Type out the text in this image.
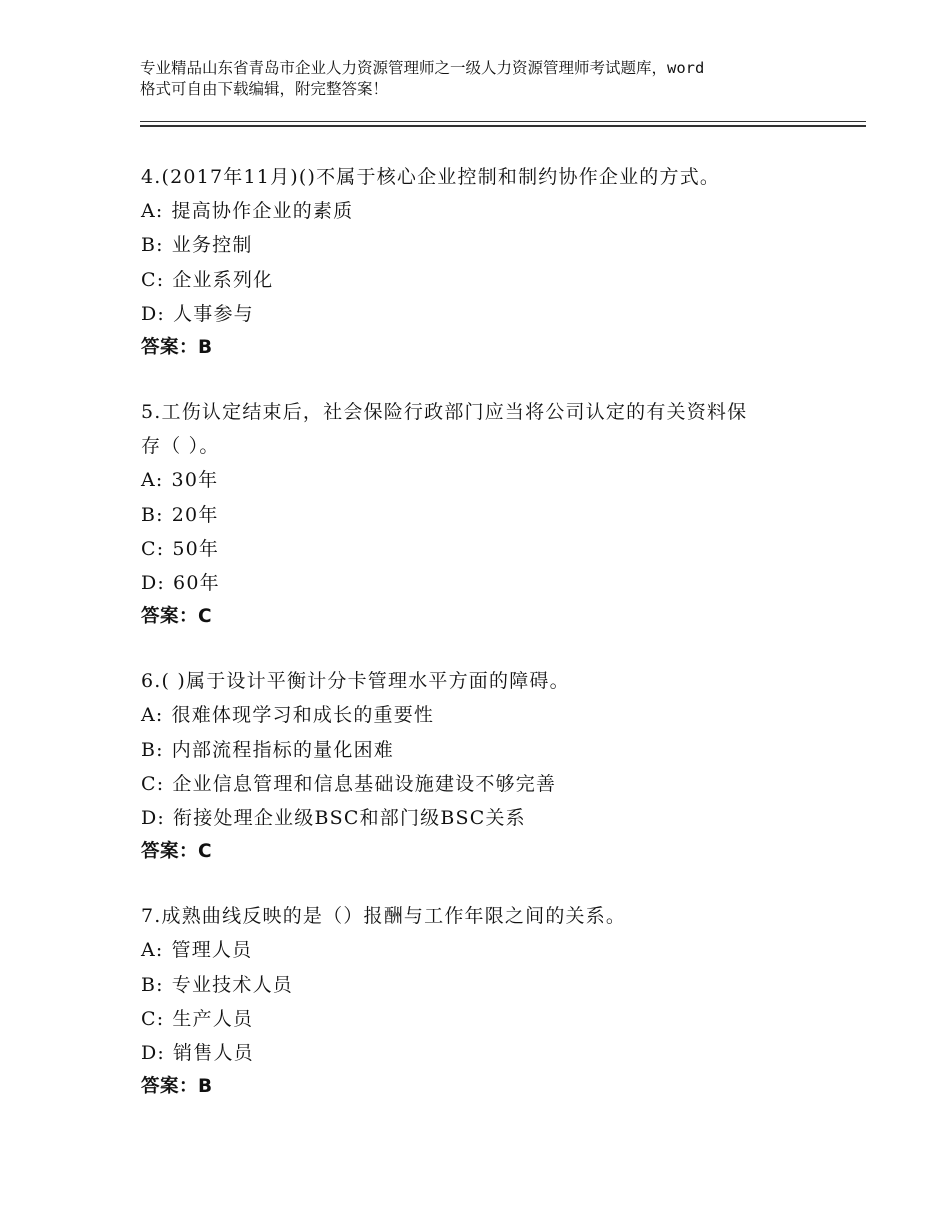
专业精品山东省青岛市企业人力资源管理师之一级人力资源管理师考试题库，word
格式可自由下载编辑，附完整答案！
4.(2017年11月)()不属于核心企业控制和制约协作企业的方式。
A: 提高协作企业的素质
B: 业务控制
C: 企业系列化
D: 人事参与
答案： B
5.工伤认定结束后，社会保险行政部门应当将公司认定的有关资料保
存（ ）。
A: 30年
B: 20年
C: 50年
D: 60年
答案： C
6.( )属于设计平衡计分卡管理水平方面的障碍。
A: 很难体现学习和成长的重要性
B: 内部流程指标的量化困难
C: 企业信息管理和信息基础设施建设不够完善
D: 衔接处理企业级BSC和部门级BSC关系
答案： C
7.成熟曲线反映的是（）报酬与工作年限之间的关系。
A: 管理人员
B: 专业技术人员
C: 生产人员
D: 销售人员
答案： B
